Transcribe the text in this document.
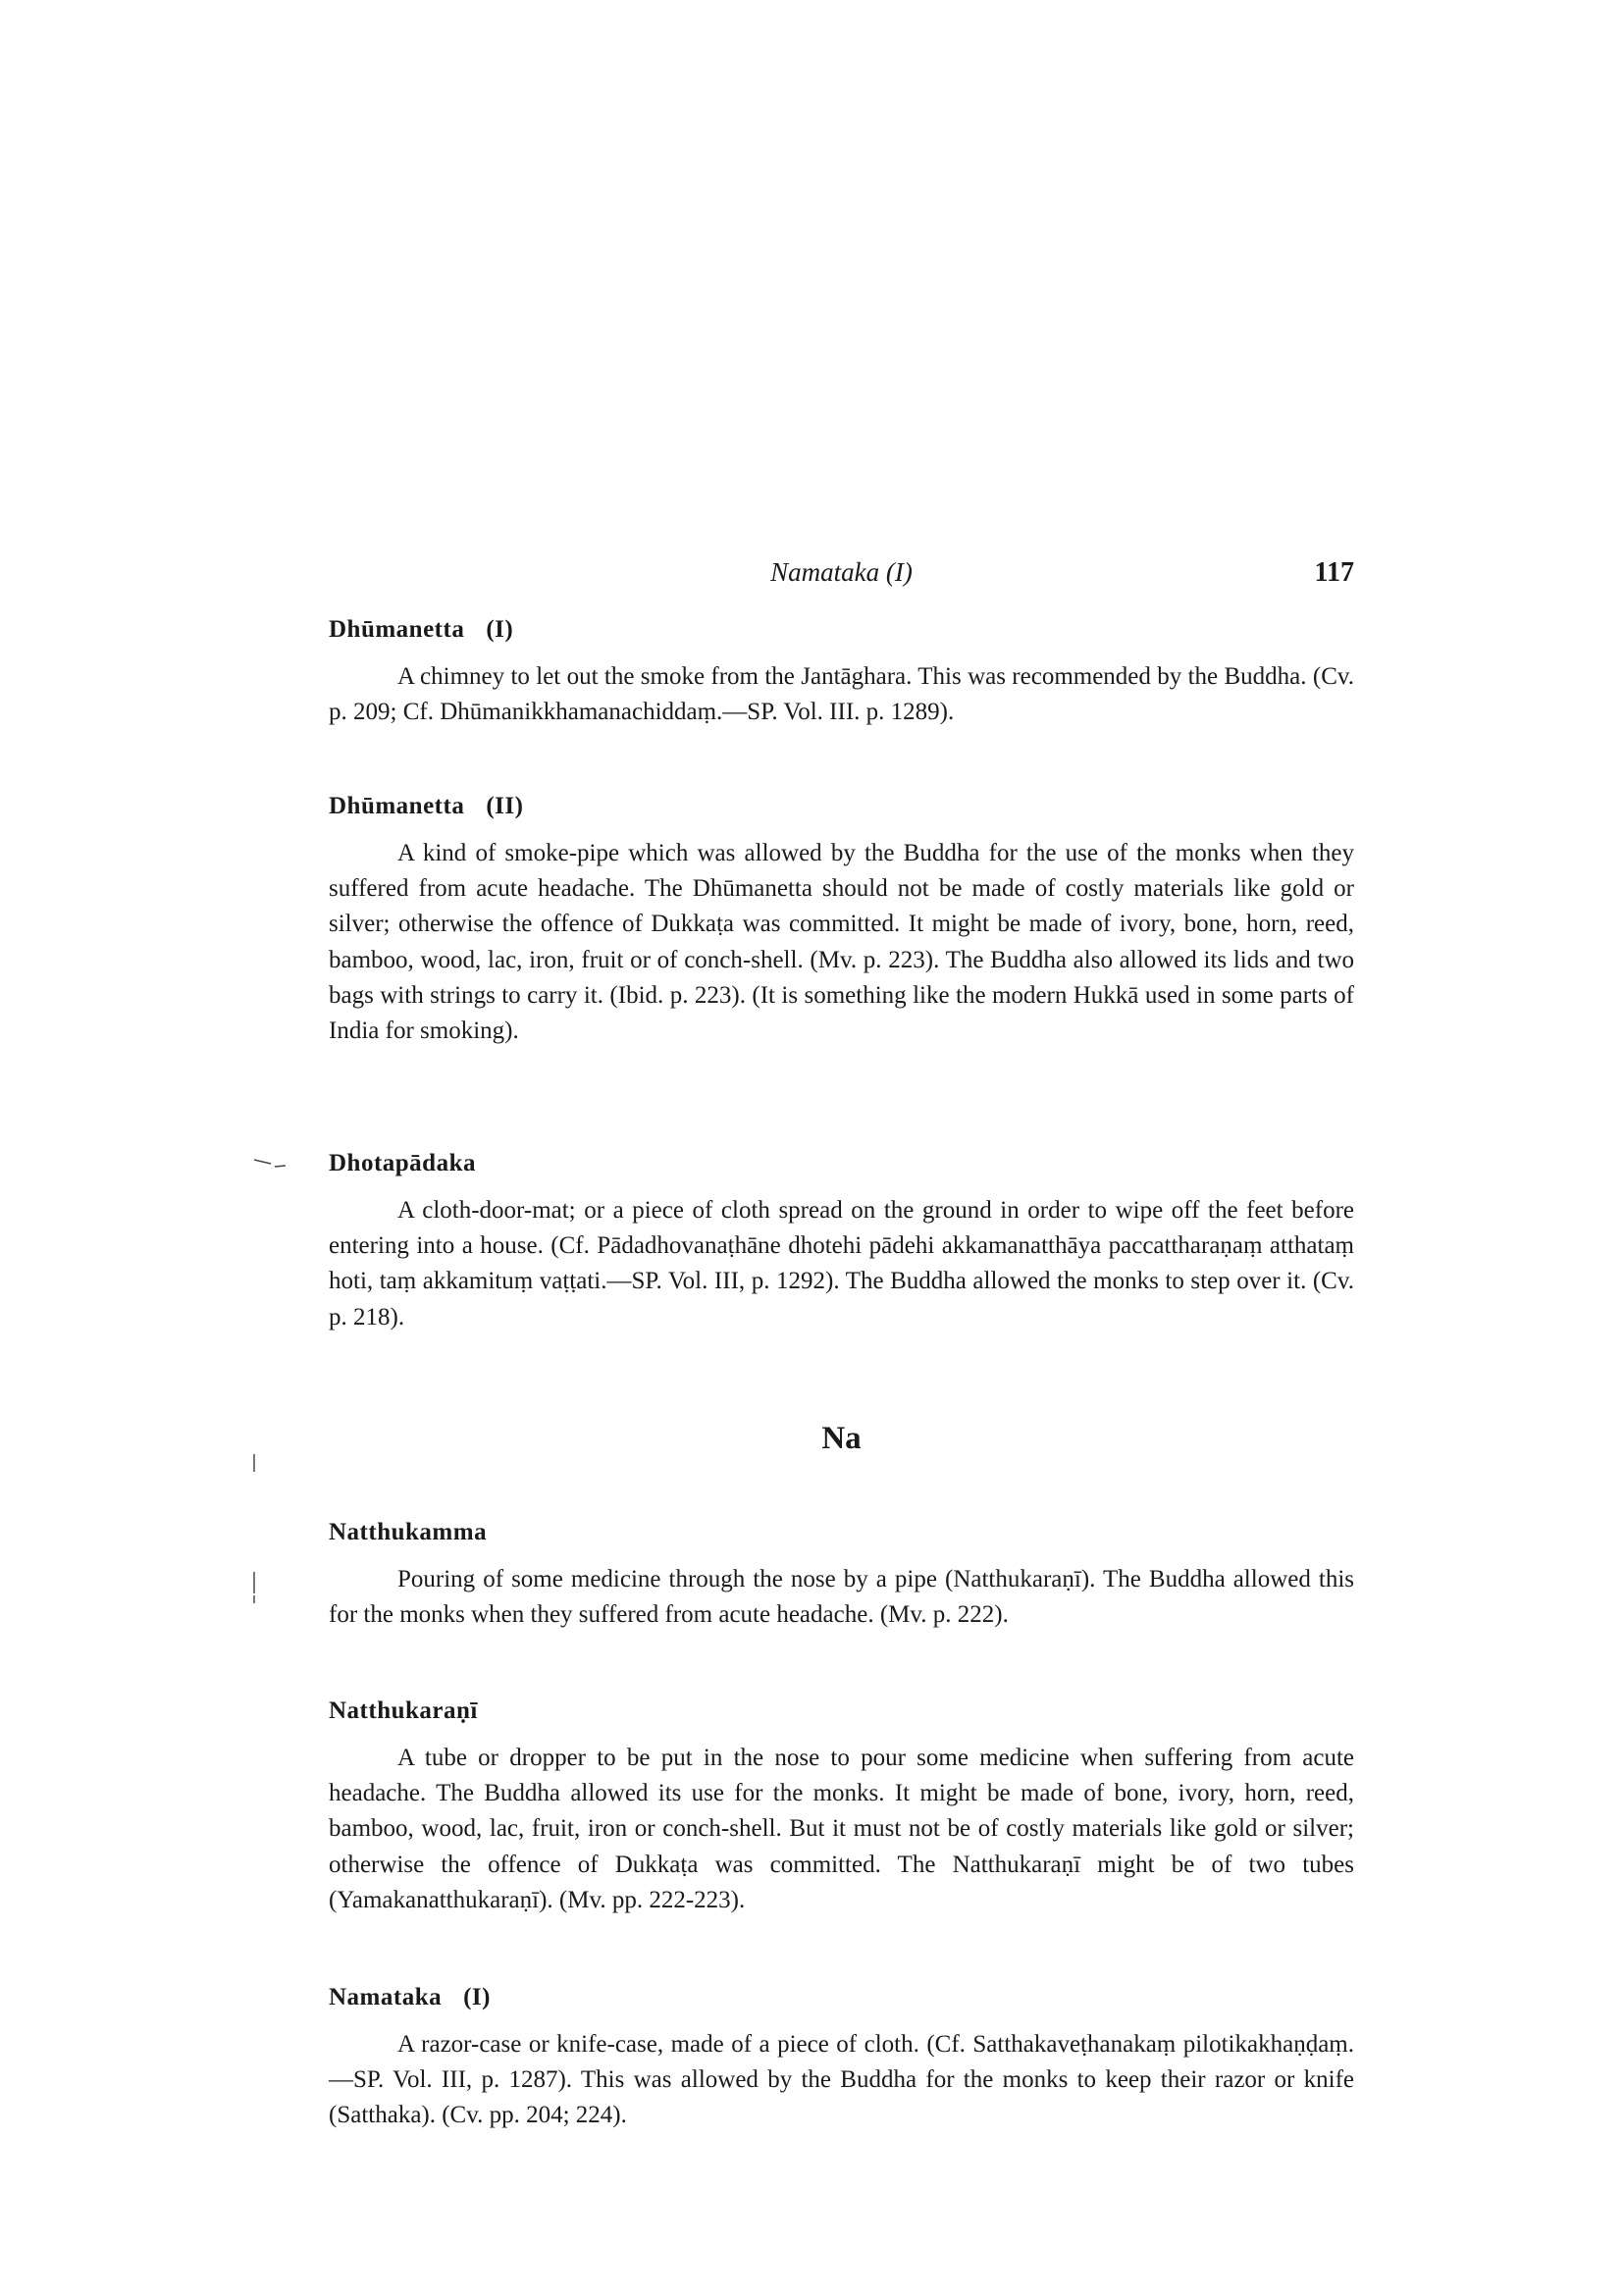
Namataka (I)	117
Dhūmanetta (I)

A chimney to let out the smoke from the Jantāghara. This was recommended by the Buddha. (Cv. p. 209; Cf. Dhūmanikkhamanachiddaṃ.—SP. Vol. III. p. 1289).

Dhūmanetta (II)

A kind of smoke-pipe which was allowed by the Buddha for the use of the monks when they suffered from acute headache. The Dhūmanetta should not be made of costly materials like gold or silver; otherwise the offence of Dukkaṭa was committed. It might be made of ivory, bone, horn, reed, bamboo, wood, lac, iron, fruit or of conch-shell. (Mv. p. 223). The Buddha also allowed its lids and two bags with strings to carry it. (Ibid. p. 223). (It is something like the modern Hukkā used in some parts of India for smoking).

Dhotapādaka

A cloth-door-mat; or a piece of cloth spread on the ground in order to wipe off the feet before entering into a house. (Cf. Pādadhovanaṭhāne dhotehi pādehi akkamanatthāya paccattharaṇaṃ atthataṃ hoti, taṃ akkamituṃ vaṭṭati.—SP. Vol. III, p. 1292). The Buddha allowed the monks to step over it. (Cv. p. 218).

Na
Natthukamma

Pouring of some medicine through the nose by a pipe (Natthukaraṇī). The Buddha allowed this for the monks when they suffered from acute headache. (Mv. p. 222).

Natthukaraṇī

A tube or dropper to be put in the nose to pour some medicine when suffering from acute headache. The Buddha allowed its use for the monks. It might be made of bone, ivory, horn, reed, bamboo, wood, lac, fruit, iron or conch-shell. But it must not be of costly materials like gold or silver; otherwise the offence of Dukkaṭa was committed. The Natthukaraṇī might be of two tubes (Yamakanatthukaraṇī). (Mv. pp. 222-223).

Namataka (I)

A razor-case or knife-case, made of a piece of cloth. (Cf. Satthakaveṭhanakaṃ pilotikakhaṇḍaṃ.—SP. Vol. III, p. 1287). This was allowed by the Buddha for the monks to keep their razor or knife (Satthaka). (Cv. pp. 204; 224).
